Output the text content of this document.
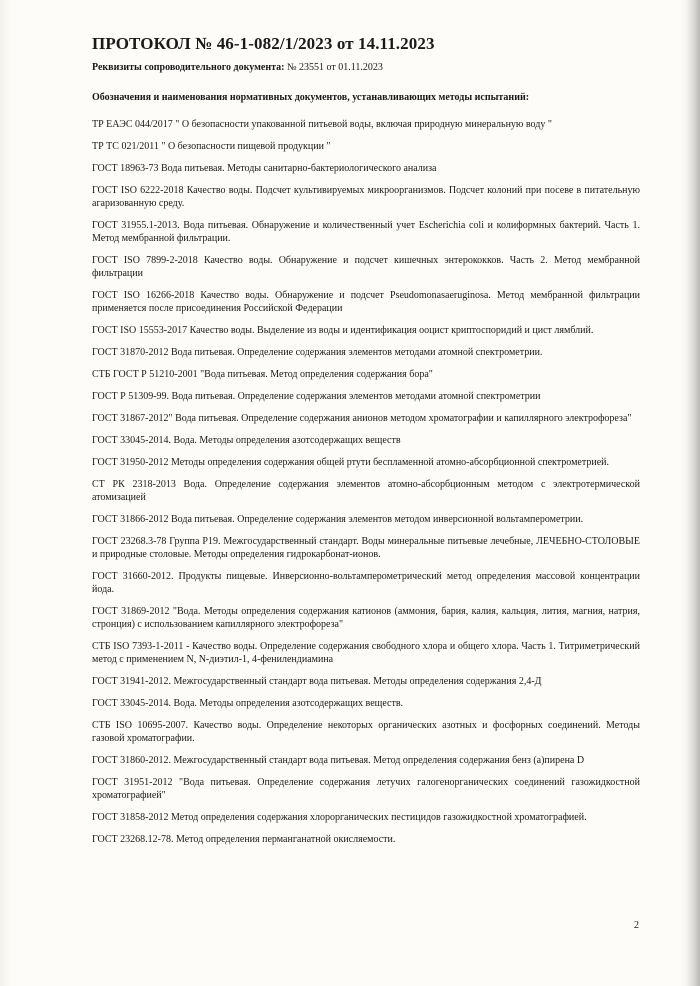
ПРОТОКОЛ № 46-1-082/1/2023 от 14.11.2023
Реквизиты сопроводительного документа: № 23551 от 01.11.2023
Обозначения и наименования нормативных документов, устанавливающих методы испытаний:
ТР ЕАЭС 044/2017 " О безопасности упакованной питьевой воды, включая природную минеральную воду "
ТР ТС 021/2011 " О безопасности пищевой продукции "
ГОСТ 18963-73 Вода питьевая. Методы санитарно-бактериологического анализа
ГОСТ ISO 6222-2018 Качество воды. Подсчет культивируемых микроорганизмов. Подсчет колоний при посеве в питательную агаризованную среду.
ГОСТ 31955.1-2013. Вода питьевая. Обнаружение и количественный учет Escherichia coli и колиформных бактерий. Часть 1. Метод мембранной фильтрации.
ГОСТ ISO 7899-2-2018 Качество воды. Обнаружение и подсчет кишечных энтерококков. Часть 2. Метод мембранной фильтрации
ГОСТ ISO 16266-2018 Качество воды. Обнаружение и подсчет Pseudomonasaeruginosa. Метод мембранной фильтрации применяется после присоединения Российской Федерации
ГОСТ ISO 15553-2017 Качество воды. Выделение из воды и идентификация ооцист криптоспоридий и цист лямблий.
ГОСТ 31870-2012 Вода питьевая. Определение содержания элементов методами атомной спектрометрии.
СТБ ГОСТ Р 51210-2001 "Вода питьевая. Метод определения содержания бора"
ГОСТ Р 51309-99. Вода питьевая. Определение содержания элементов методами атомной спектрометрии
ГОСТ 31867-2012" Вода питьевая. Определение содержания анионов методом хроматографии и капиллярного электрофореза"
ГОСТ 33045-2014. Вода. Методы определения азотсодержащих веществ
ГОСТ 31950-2012 Методы определения содержания общей ртути беспламенной атомно-абсорбционной спектрометрией.
СТ РК 2318-2013 Вода. Определение содержания элементов атомно-абсорбционным методом с электротермической атомизацией
ГОСТ 31866-2012 Вода питьевая. Определение содержания элементов методом инверсионной вольтамперометрии.
ГОСТ 23268.3-78 Группа Р19. Межгосударственный стандарт. Воды минеральные питьевые лечебные, ЛЕЧЕБНО-СТОЛОВЫЕ и природные столовые. Методы определения гидрокарбонат-ионов.
ГОСТ 31660-2012. Продукты пищевые. Инверсионно-вольтамперометрический метод определения массовой концентрации йода.
ГОСТ 31869-2012 "Вода. Методы определения содержания катионов (аммония, бария, калия, кальция, лития, магния, натрия, стронция) с использованием капиллярного электрофореза"
СТБ ISO 7393-1-2011 - Качество воды. Определение содержания свободного хлора и общего хлора. Часть 1. Титриметрический метод с применением N, N-диэтил-1, 4-фенилендиамина
ГОСТ 31941-2012. Межгосударственный стандарт вода питьевая. Методы определения содержания 2,4-Д
ГОСТ 33045-2014. Вода. Методы определения азотсодержащих веществ.
СТБ ISO 10695-2007. Качество воды. Определение некоторых органических азотных и фосфорных соединений. Методы газовой хроматографии.
ГОСТ 31860-2012. Межгосударственный стандарт вода питьевая. Метод определения содержания бенз (а)пирена D
ГОСТ 31951-2012 "Вода питьевая. Определение содержания летучих галогенорганических соединений газожидкостной хроматографией"
ГОСТ 31858-2012 Метод определения содержания хлорорганических пестицидов газожидкостной хроматографией.
ГОСТ 23268.12-78. Метод определения перманганатной окисляемости.
2
